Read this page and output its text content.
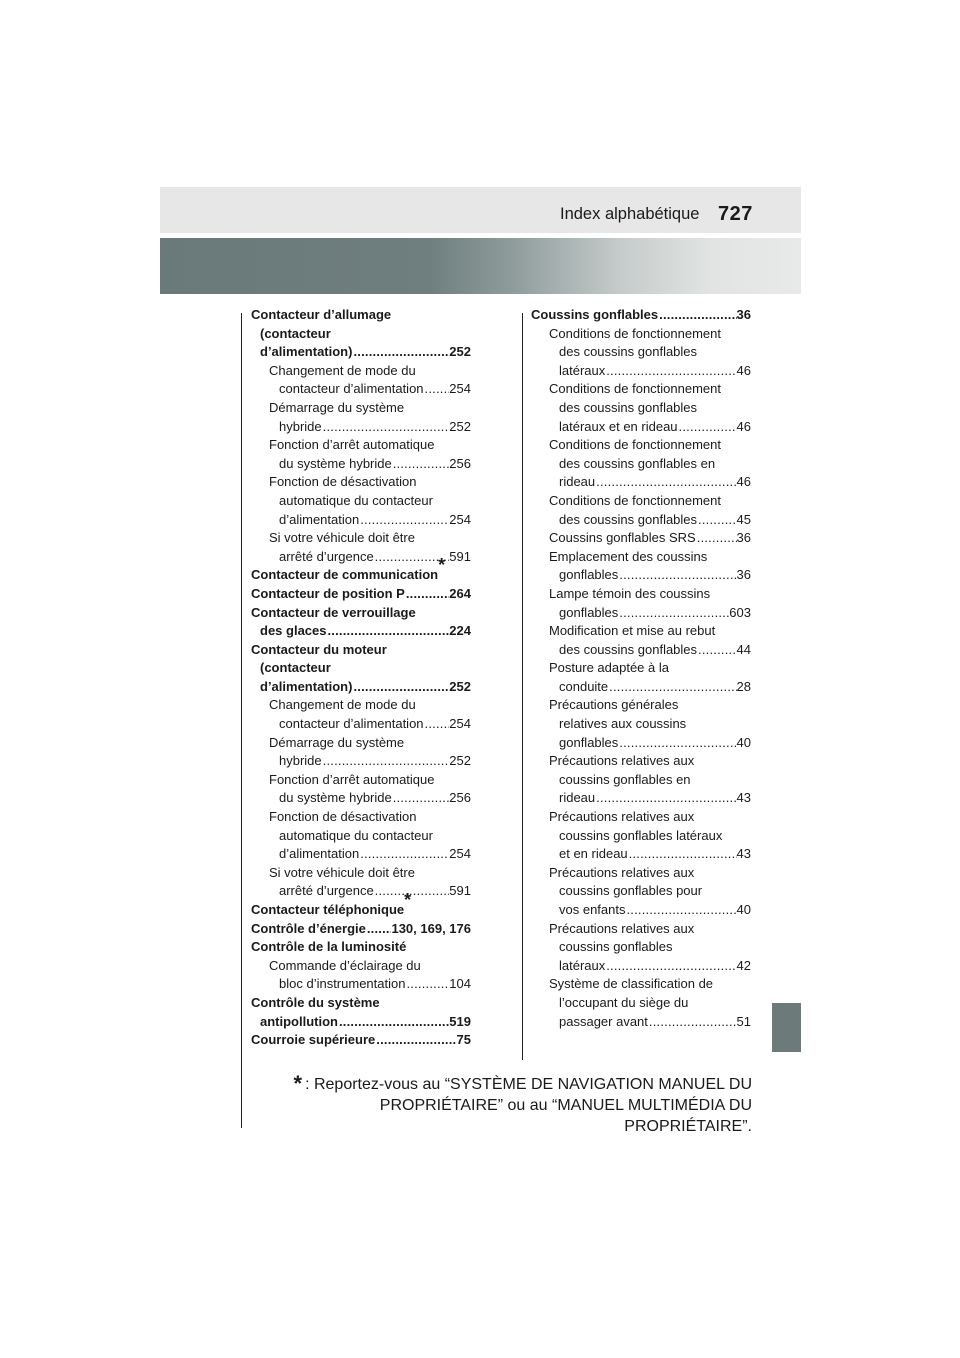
Index alphabétique 727
Contacteur d’allumage
(contacteur
d’alimentation) .....	252
Changement de mode du
contacteur d’alimentation ..... 254
Démarrage du système
hybride .....	252
Fonction d’arrêt automatique
du système hybride .....	256
Fonction de désactivation
automatique du contacteur
d’alimentation .....	254
Si votre véhicule doit être
arrêté d’urgence .....	591
Contacteur de communication*
Contacteur de position P .....	264
Contacteur de verrouillage
des glaces .....	224
Contacteur du moteur
(contacteur
d’alimentation) .....	252
Changement de mode du
contacteur d’alimentation ..... 254
Démarrage du système
hybride .....	252
Fonction d’arrêt automatique
du système hybride .....	256
Fonction de désactivation
automatique du contacteur
d’alimentation .....	254
Si votre véhicule doit être
arrêté d’urgence .....	591
Contacteur téléphonique*
Contrôle d’énergie ..... 130, 169, 176
Contrôle de la luminosité
Commande d’éclairage du
bloc d’instrumentation .....	104
Contrôle du système
antipollution .....	519
Courroie supérieure .....	75
Coussins gonflables .....	36
Conditions de fonctionnement
des coussins gonflables
latéraux .....	46
Conditions de fonctionnement
des coussins gonflables
latéraux et en rideau .....	46
Conditions de fonctionnement
des coussins gonflables en
rideau .....	46
Conditions de fonctionnement
des coussins gonflables .....	45
Coussins gonflables SRS .....	36
Emplacement des coussins
gonflables .....	36
Lampe témoin des coussins
gonflables .....	603
Modification et mise au rebut
des coussins gonflables .....	44
Posture adaptée à la
conduite .....	28
Précautions générales
relatives aux coussins
gonflables .....	40
Précautions relatives aux
coussins gonflables en
rideau .....	43
Précautions relatives aux
coussins gonflables latéraux
et en rideau .....	43
Précautions relatives aux
coussins gonflables pour
vos enfants .....	40
Précautions relatives aux
coussins gonflables
latéraux .....	42
Système de classification de
l’occupant du siège du
passager avant .....	51
* : Reportez-vous au “SYSTÈME DE NAVIGATION MANUEL DU
PROPRIÉTAIRE” ou au “MANUEL MULTIMÉDIA DU PROPRIÉTAIRE”.
